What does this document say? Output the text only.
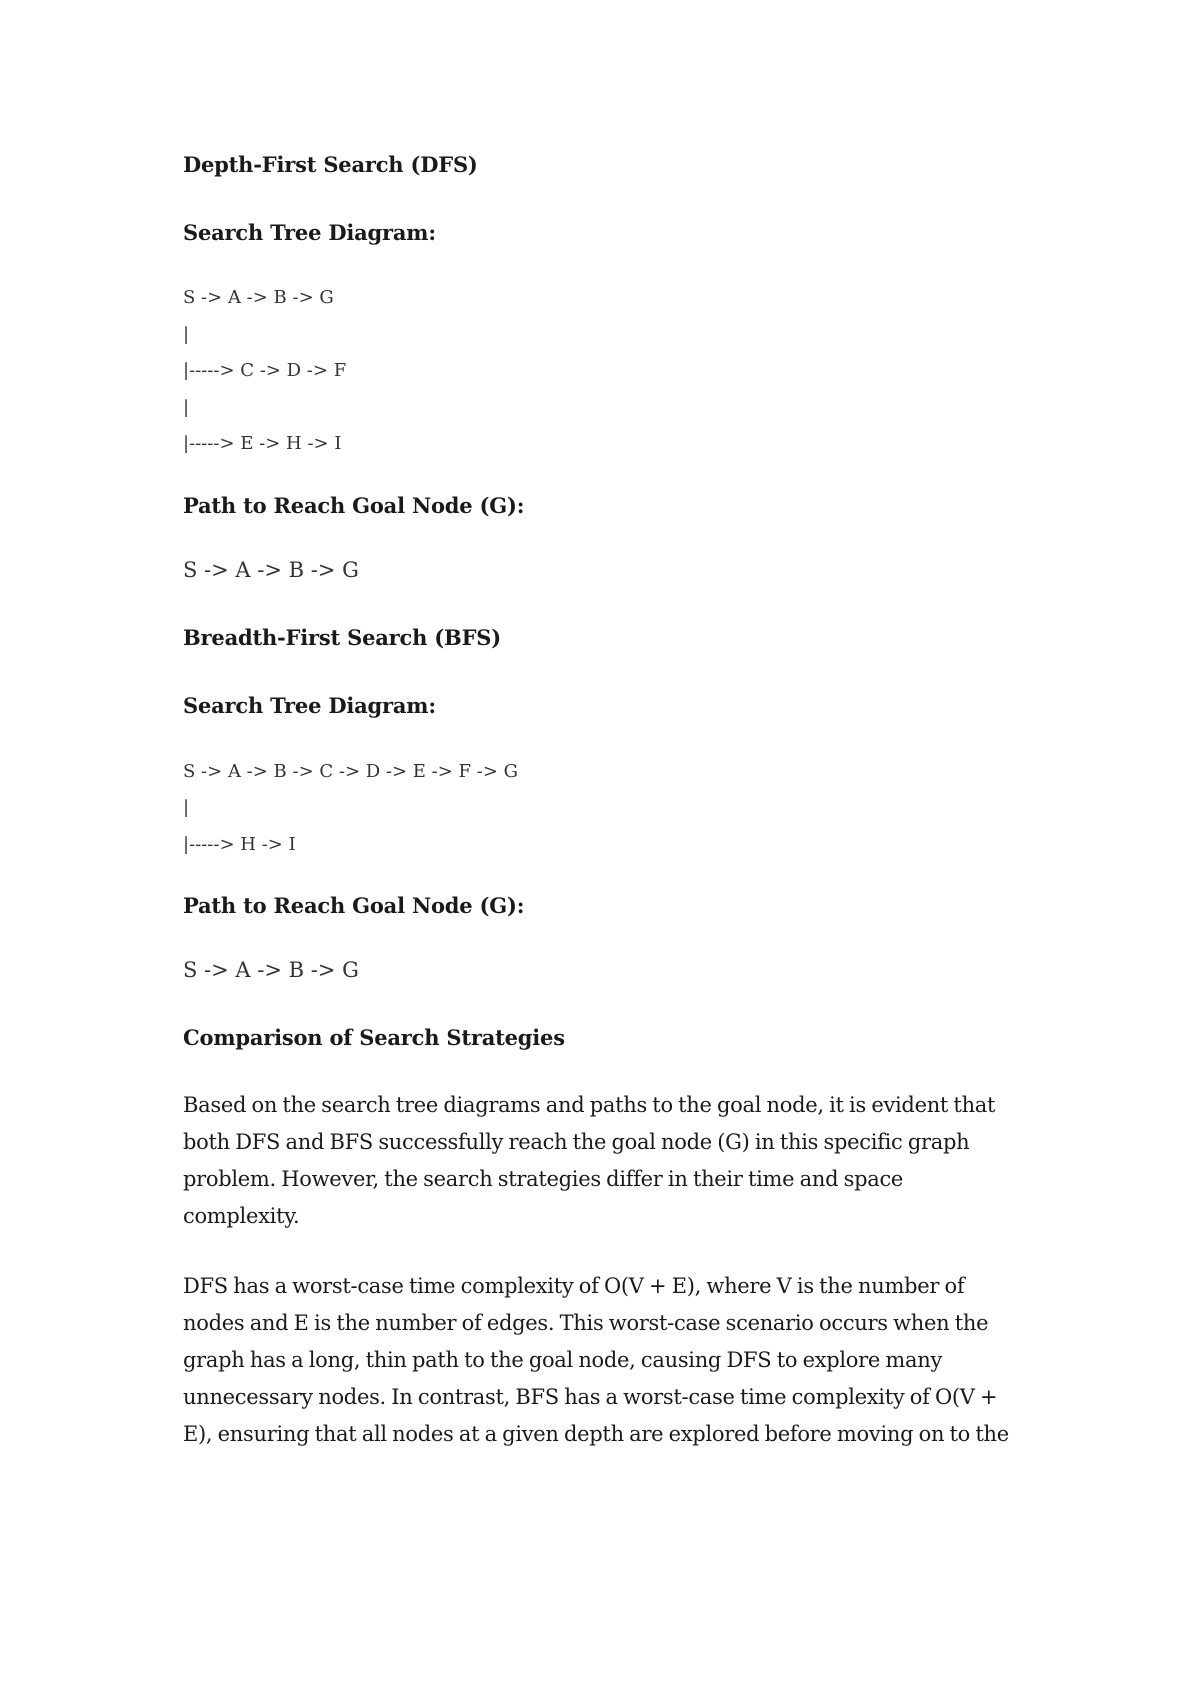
Depth-First Search (DFS)

Search Tree Diagram:

S -> A -> B -> G

|

|-----> C -> D -> F

|

|-----> E -> H -> I

Path to Reach Goal Node (G):

S -> A -> B -> G

Breadth-First Search (BFS)

Search Tree Diagram:

S -> A -> B -> C -> D -> E -> F -> G

|

|-----> H -> I

Path to Reach Goal Node (G):

S -> A -> B -> G

Comparison of Search Strategies

Based on the search tree diagrams and paths to the goal node, it is evident that both DFS and BFS successfully reach the goal node (G) in this specific graph problem. However, the search strategies differ in their time and space complexity.

DFS has a worst-case time complexity of O(V + E), where V is the number of nodes and E is the number of edges. This worst-case scenario occurs when the graph has a long, thin path to the goal node, causing DFS to explore many unnecessary nodes. In contrast, BFS has a worst-case time complexity of O(V + E), ensuring that all nodes at a given depth are explored before moving on to the
